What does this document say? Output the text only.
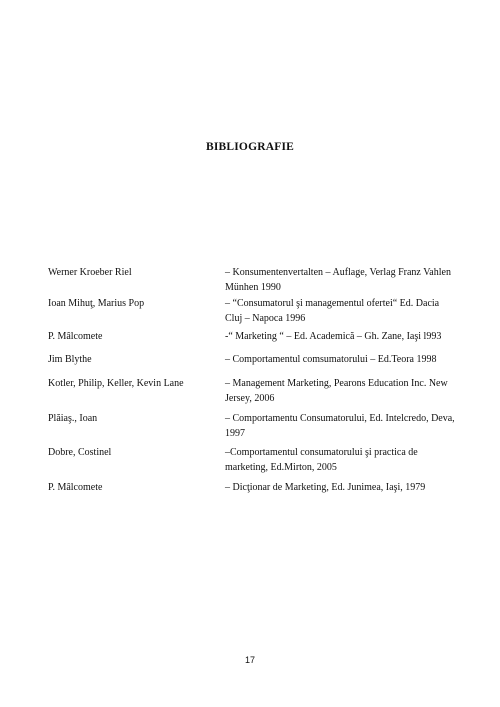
BIBLIOGRAFIE
Werner Kroeber Riel	– Konsumentenvertalten – Auflage, Verlag Franz Vahlen Münhen 1990
Ioan Mihuţ, Marius Pop	– “Consumatorul şi managementul ofertei“ Ed. Dacia Cluj – Napoca 1996
P. Mâlcomete	-“ Marketing “ – Ed. Academică – Gh. Zane, Iaşi l993
Jim Blythe	– Comportamentul comsumatorului – Ed.Teora 1998
Kotler, Philip, Keller, Kevin Lane	– Management Marketing, Pearons Education Inc. New Jersey, 2006
Plăiaş., Ioan	– Comportamentu Consumatorului, Ed. Intelcredo, Deva, 1997
Dobre, Costinel	–Comportamentul consumatorului şi practica de marketing, Ed.Mirton, 2005
P. Mâlcomete	– Dicţionar de Marketing, Ed. Junimea, Iaşi, 1979
17
